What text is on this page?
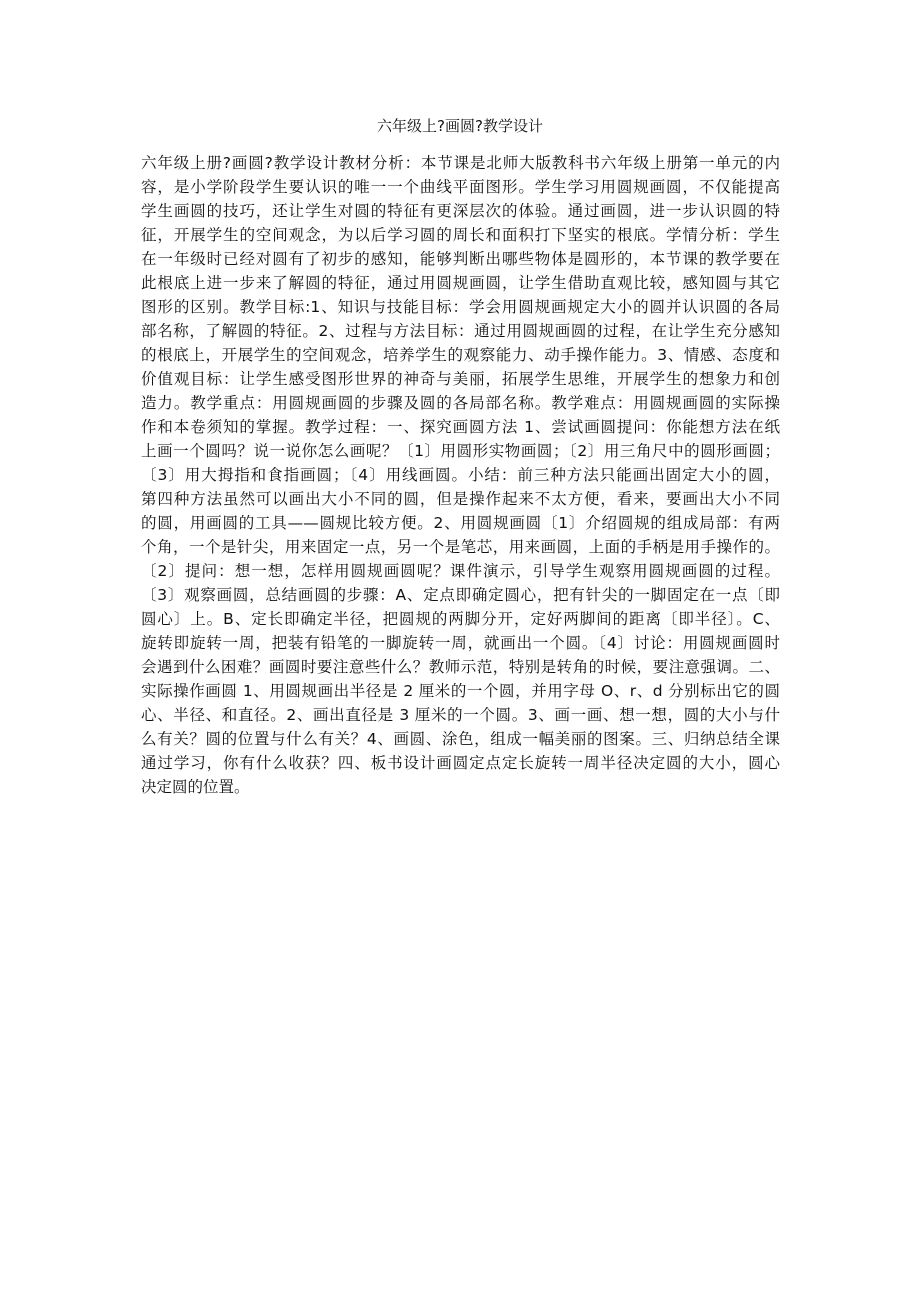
六年级上?画圆?教学设计
六年级上册?画圆?教学设计教材分析：本节课是北师大版教科书六年级上册第一单元的内
容，是小学阶段学生要认识的唯一一个曲线平面图形。学生学习用圆规画圆，不仅能提高
学生画圆的技巧，还让学生对圆的特征有更深层次的体验。通过画圆，进一步认识圆的特
征，开展学生的空间观念，为以后学习圆的周长和面积打下坚实的根底。学情分析：学生
在一年级时已经对圆有了初步的感知，能够判断出哪些物体是圆形的，本节课的教学要在
此根底上进一步来了解圆的特征，通过用圆规画圆，让学生借助直观比较，感知圆与其它
图形的区别。教学目标:1、知识与技能目标：学会用圆规画规定大小的圆并认识圆的各局
部名称，了解圆的特征。2、过程与方法目标：通过用圆规画圆的过程，在让学生充分感知
的根底上，开展学生的空间观念，培养学生的观察能力、动手操作能力。3、情感、态度和
价值观目标：让学生感受图形世界的神奇与美丽，拓展学生思维，开展学生的想象力和创
造力。教学重点：用圆规画圆的步骤及圆的各局部名称。教学难点：用圆规画圆的实际操
作和本卷须知的掌握。教学过程：一、探究画圆方法 1、尝试画圆提问：你能想方法在纸
上画一个圆吗？说一说你怎么画呢？〔1〕用圆形实物画圆；〔2〕用三角尺中的圆形画圆；
〔3〕用大拇指和食指画圆；〔4〕用线画圆。小结：前三种方法只能画出固定大小的圆，
第四种方法虽然可以画出大小不同的圆，但是操作起来不太方便，看来，要画出大小不同
的圆，用画圆的工具——圆规比较方便。2、用圆规画圆〔1〕介绍圆规的组成局部：有两
个角，一个是针尖，用来固定一点，另一个是笔芯，用来画圆，上面的手柄是用手操作的。
〔2〕提问：想一想，怎样用圆规画圆呢？课件演示，引导学生观察用圆规画圆的过程。
〔3〕观察画圆，总结画圆的步骤：A、定点即确定圆心，把有针尖的一脚固定在一点〔即
圆心〕上。B、定长即确定半径，把圆规的两脚分开，定好两脚间的距离〔即半径〕。C、
旋转即旋转一周，把装有铅笔的一脚旋转一周，就画出一个圆。〔4〕讨论：用圆规画圆时
会遇到什么困难？画圆时要注意些什么？教师示范，特别是转角的时候，要注意强调。二、
实际操作画圆 1、用圆规画出半径是 2 厘米的一个圆，并用字母 O、r、d 分别标出它的圆
心、半径、和直径。2、画出直径是 3 厘米的一个圆。3、画一画、想一想，圆的大小与什
么有关？圆的位置与什么有关？4、画圆、涂色，组成一幅美丽的图案。三、归纳总结全课
通过学习，你有什么收获？四、板书设计画圆定点定长旋转一周半径决定圆的大小，圆心
决定圆的位置。
